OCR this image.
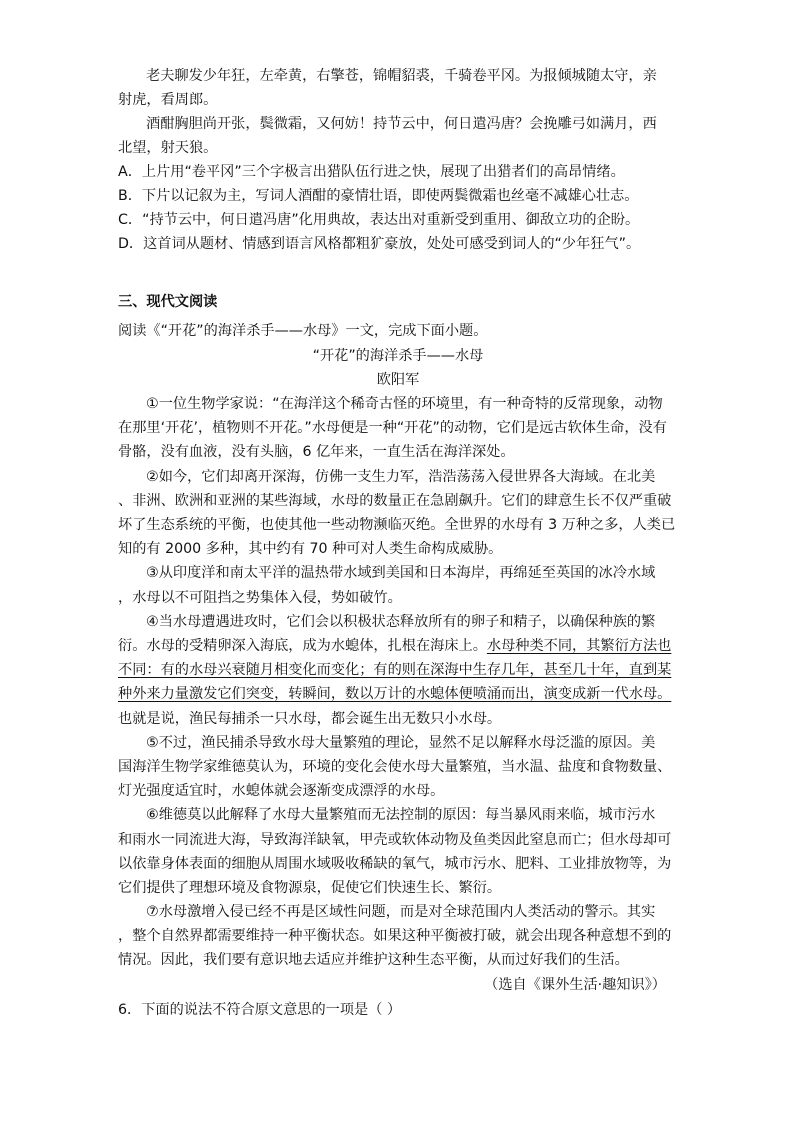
老夫聊发少年狂，左牵黄，右擎苍，锦帽貂裘，千骑卷平冈。为报倾城随太守，亲
射虎，看周郎。
酒酣胸胆尚开张，鬓微霜，又何妨！持节云中，何日遣冯唐？会挽雕弓如满月，西
北望，射天狼。
A．上片用“卷平冈”三个字极言出猎队伍行进之快，展现了出猎者们的高昂情绪。
B．下片以记叙为主，写词人酒酣的豪情壮语，即使两鬓微霜也丝毫不减雄心壮志。
C．“持节云中，何日遣冯唐”化用典故，表达出对重新受到重用、御敌立功的企盼。
D．这首词从题材、情感到语言风格都粗犷豪放，处处可感受到词人的“少年狂气”。
三、现代文阅读
阅读《“开花”的海洋杀手——水母》一文，完成下面小题。
“开花”的海洋杀手——水母
欧阳军
①一位生物学家说：“在海洋这个稀奇古怪的环境里，有一种奇特的反常现象，动物
在那里‘开花’，植物则不开花。”水母便是一种“开花”的动物，它们是远古软体生命，没有
骨骼，没有血液，没有头脑，6 亿年来，一直生活在海洋深处。
②如今，它们却离开深海，仿佛一支生力军，浩浩荡荡入侵世界各大海域。在北美
、非洲、欧洲和亚洲的某些海域，水母的数量正在急剧飙升。它们的肆意生长不仅严重破
坏了生态系统的平衡，也使其他一些动物濒临灭绝。全世界的水母有 3 万种之多，人类已
知的有 2000 多种，其中约有 70 种可对人类生命构成威胁。
③从印度洋和南太平洋的温热带水域到美国和日本海岸，再绵延至英国的冰冷水域
，水母以不可阻挡之势集体入侵，势如破竹。
④当水母遭遇进攻时，它们会以积极状态释放所有的卵子和精子，以确保种族的繁
衍。水母的受精卵深入海底，成为水螅体，扎根在海床上。水母种类不同，其繁衍方法也
不同：有的水母兴衰随月相变化而变化；有的则在深海中生存几年，甚至几十年，直到某
种外来力量激发它们突变，转瞬间，数以万计的水螅体便喷涌而出，演变成新一代水母。
也就是说，渔民每捕杀一只水母，都会诞生出无数只小水母。
⑤不过，渔民捕杀导致水母大量繁殖的理论，显然不足以解释水母泛滥的原因。美
国海洋生物学家维德莫认为，环境的变化会使水母大量繁殖，当水温、盐度和食物数量、
灯光强度适宜时，水螅体就会逐渐变成漂浮的水母。
⑥维德莫以此解释了水母大量繁殖而无法控制的原因：每当暴风雨来临，城市污水
和雨水一同流进大海，导致海洋缺氧，甲壳或软体动物及鱼类因此窒息而亡；但水母却可
以依靠身体表面的细胞从周围水域吸收稀缺的氧气，城市污水、肥料、工业排放物等，为
它们提供了理想环境及食物源泉，促使它们快速生长、繁衍。
⑦水母激增入侵已经不再是区域性问题，而是对全球范围内人类活动的警示。其实
，整个自然界都需要维持一种平衡状态。如果这种平衡被打破，就会出现各种意想不到的
情况。因此，我们要有意识地去适应并维护这种生态平衡，从而过好我们的生活。
（选自《课外生活·趣知识》）
6．下面的说法不符合原文意思的一项是（ ）
